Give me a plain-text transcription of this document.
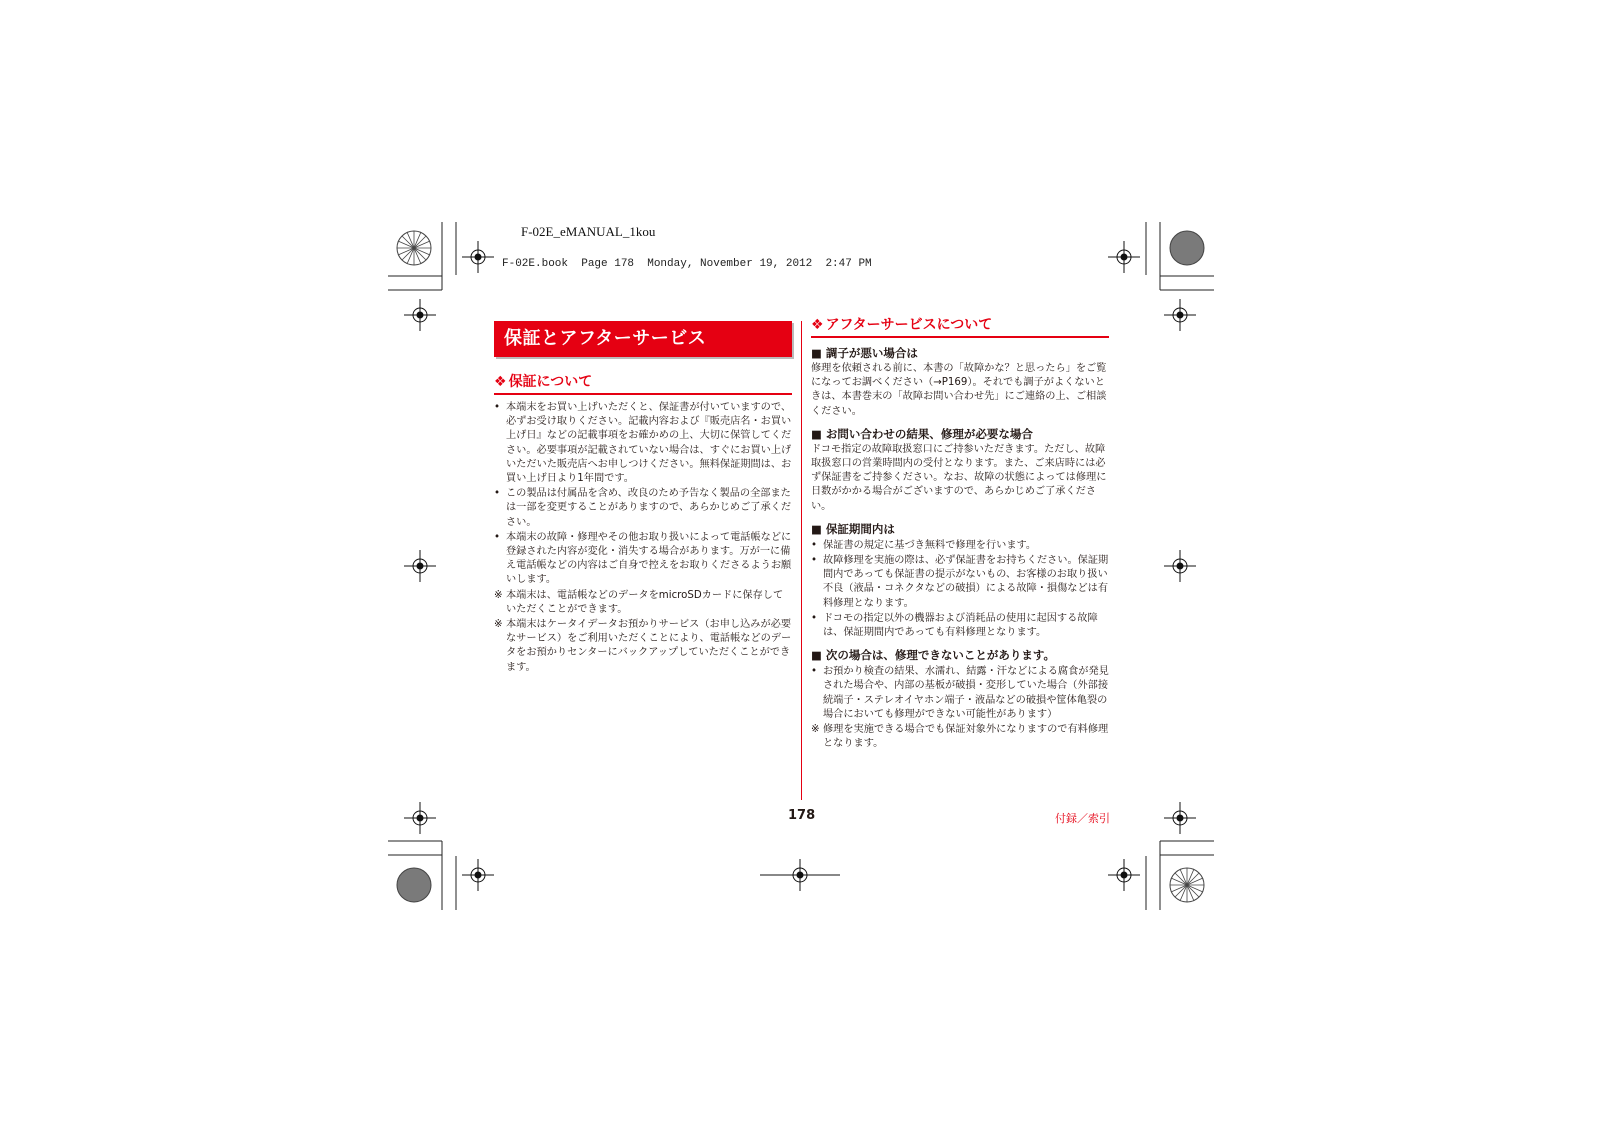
F-02E_eMANUAL_1kou
F-02E.book  Page 178  Monday, November 19, 2012  2:47 PM
保証とアフターサービス
❖ 保証について
• 本端末をお買い上げいただくと、保証書が付いていますので、必ずお受け取りください。記載内容および『販売店名・お買い上げ日』などの記載事項をお確かめの上、大切に保管してください。必要事項が記載されていない場合は、すぐにお買い上げいただいた販売店へお申しつけください。無料保証期間は、お買い上げ日より1年間です。
• この製品は付属品を含め、改良のため予告なく製品の全部または一部を変更することがありますので、あらかじめご了承ください。
• 本端末の故障・修理やその他お取り扱いによって電話帳などに登録された内容が変化・消失する場合があります。万が一に備え電話帳などの内容はご自身で控えをお取りくださるようお願いします。
※ 本端末は、電話帳などのデータをmicroSDカードに保存していただくことができます。
※ 本端末はケータイデータお預かりサービス（お申し込みが必要なサービス）をご利用いただくことにより、電話帳などのデータをお預かりセンターにバックアップしていただくことができます。
❖ アフターサービスについて
■ 調子が悪い場合は
修理を依頼される前に、本書の「故障かな？と思ったら」をご覧になってお調べください（→P169）。それでも調子がよくないときは、本書巻末の「故障お問い合わせ先」にご連絡の上、ご相談ください。
■ お問い合わせの結果、修理が必要な場合
ドコモ指定の故障取扱窓口にご持参いただきます。ただし、故障取扱窓口の営業時間内の受付となります。また、ご来店時には必ず保証書をご持参ください。なお、故障の状態によっては修理に日数がかかる場合がございますので、あらかじめご了承ください。
■ 保証期間内は
• 保証書の規定に基づき無料で修理を行います。
• 故障修理を実施の際は、必ず保証書をお持ちください。保証期間内であっても保証書の提示がないもの、お客様のお取り扱い不良（液晶・コネクタなどの破損）による故障・損傷などは有料修理となります。
• ドコモの指定以外の機器および消耗品の使用に起因する故障は、保証期間内であっても有料修理となります。
■ 次の場合は、修理できないことがあります。
• お預かり検査の結果、水濡れ、結露・汗などによる腐食が発見された場合や、内部の基板が破損・変形していた場合（外部接続端子・ステレオイヤホン端子・液晶などの破損や筐体亀裂の場合においても修理ができない可能性があります）
※ 修理を実施できる場合でも保証対象外になりますので有料修理となります。
178	付録／索引
